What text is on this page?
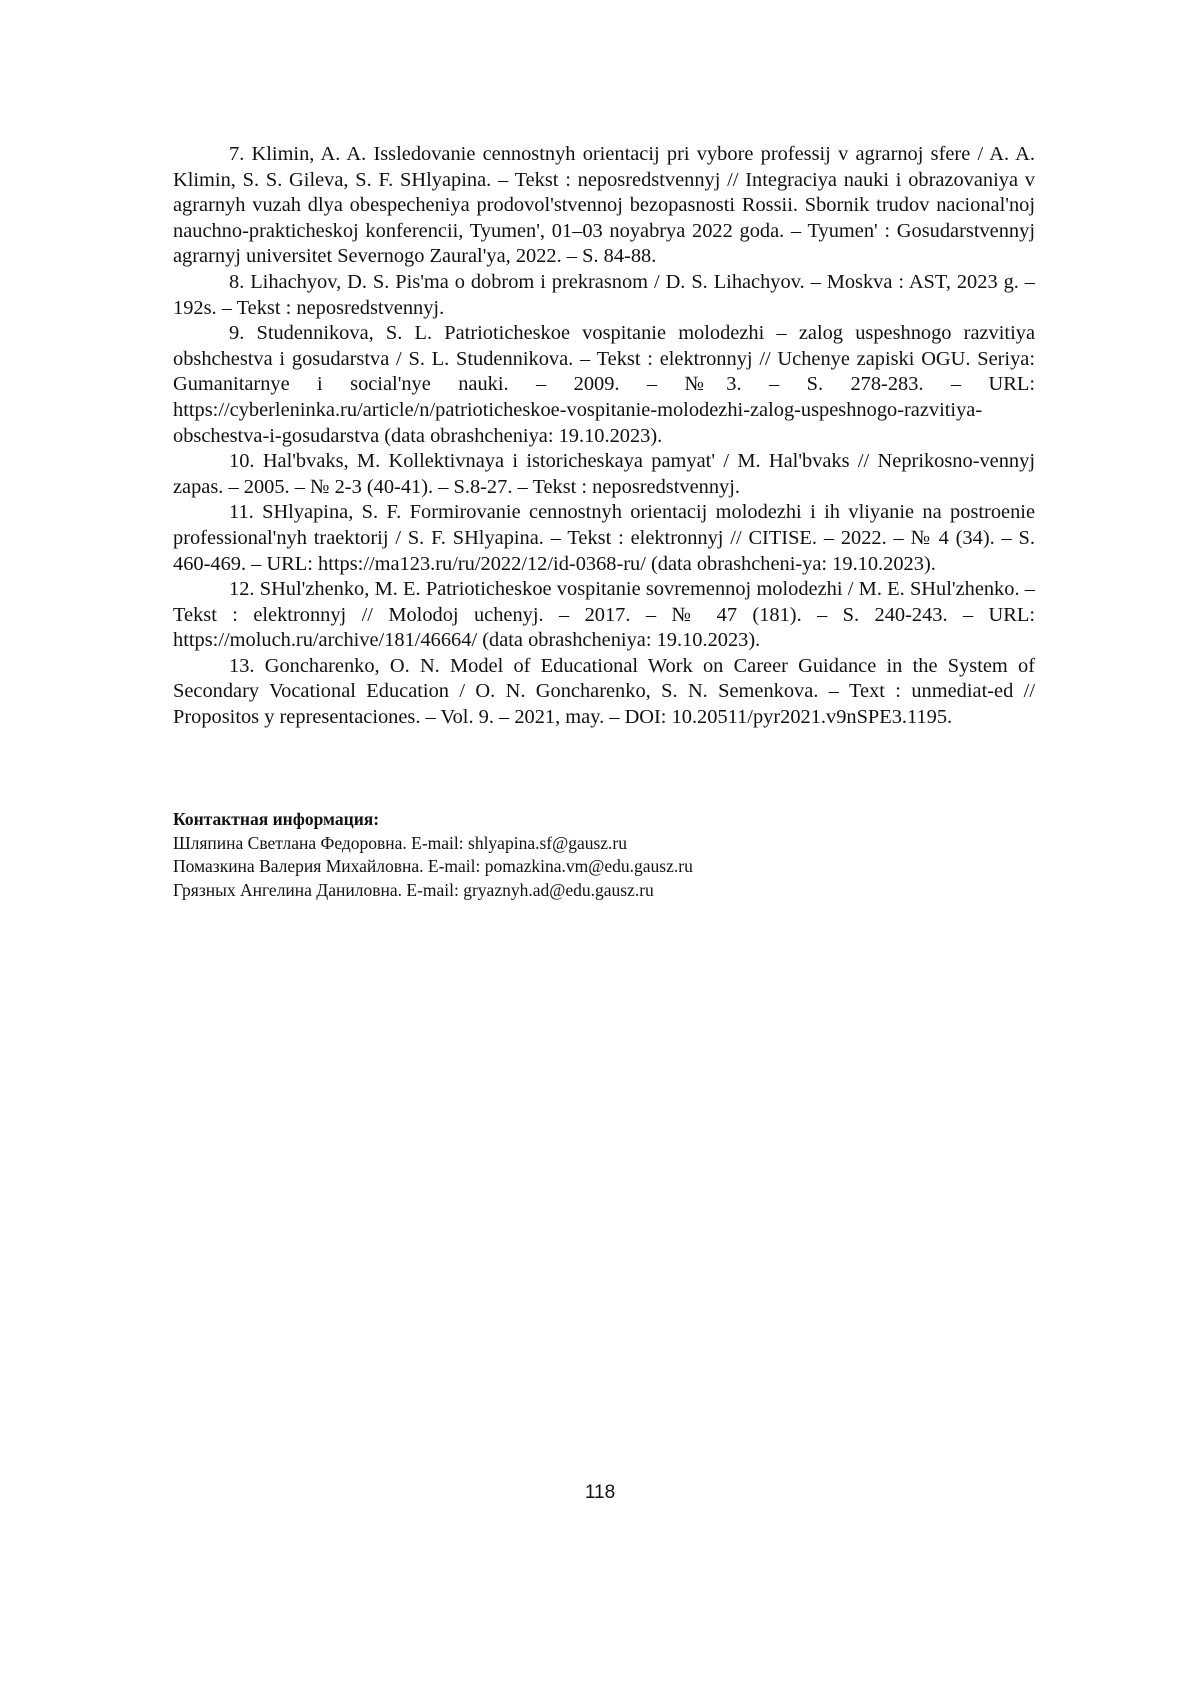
7. Klimin, A. A. Issledovanie cennostnyh orientacij pri vybore professij v agrarnoj sfere / A. A. Klimin, S. S. Gileva, S. F. SHlyapina. – Tekst : neposredstvennyj // Integraciya nauki i obrazovaniya v agrarnyh vuzah dlya obespecheniya prodovol'stvennoj bezopasnosti Rossii. Sbornik trudov nacional'noj nauchno-prakticheskoj konferencii, Tyumen', 01–03 noyabrya 2022 goda. – Tyumen' : Gosudarstvennyj agrarnyj universitet Severnogo Zaural'ya, 2022. – S. 84-88.

8. Lihachyov, D. S. Pis'ma o dobrom i prekrasnom / D. S. Lihachyov. – Moskva : AST, 2023 g. – 192s. – Tekst : neposredstvennyj.

9. Studennikova, S. L. Patrioticheskoe vospitanie molodezhi – zalog uspeshnogo razvitiya obshchestva i gosudarstva / S. L. Studennikova. – Tekst : elektronnyj // Uchenye zapiski OGU. Seriya: Gumanitarnye i social'nye nauki. – 2009. – №3. – S. 278-283. – URL: https://cyberleninka.ru/article/n/patrioticheskoe-vospitanie-molodezhi-zalog-uspeshnogo-razvitiya-obschestva-i-gosudarstva (data obrashcheniya: 19.10.2023).

10. Hal'bvaks, M. Kollektivnaya i istoricheskaya pamyat' / M. Hal'bvaks // Neprikosno-vennyj zapas. – 2005. – № 2-3 (40-41). – S.8-27. – Tekst : neposredstvennyj.

11. SHlyapina, S. F. Formirovanie cennostnyh orientacij molodezhi i ih vliyanie na postroenie professional'nyh traektorij / S. F. SHlyapina. – Tekst : elektronnyj // CITISE. – 2022. – № 4 (34). – S. 460-469. – URL: https://ma123.ru/ru/2022/12/id-0368-ru/ (data obrashcheni-ya: 19.10.2023).

12. SHul'zhenko, M. E. Patrioticheskoe vospitanie sovremennoj molodezhi / M. E. SHul'zhenko. – Tekst : elektronnyj // Molodoj uchenyj. – 2017. – № 47 (181). – S. 240-243. – URL: https://moluch.ru/archive/181/46664/ (data obrashcheniya: 19.10.2023).

13. Goncharenko, O. N. Model of Educational Work on Career Guidance in the System of Secondary Vocational Education / O. N. Goncharenko, S. N. Semenkova. – Text : unmediat-ed // Propositos y representaciones. – Vol. 9. – 2021, may. – DOI: 10.20511/pyr2021.v9nSPE3.1195.

Контактная информация:

Шляпина Светлана Федоровна. E-mail: shlyapina.sf@gausz.ru

Помазкина Валерия Михайловна. E-mail: pomazkina.vm@edu.gausz.ru

Грязных Ангелина Даниловна. E-mail: gryaznyh.ad@edu.gausz.ru

118
